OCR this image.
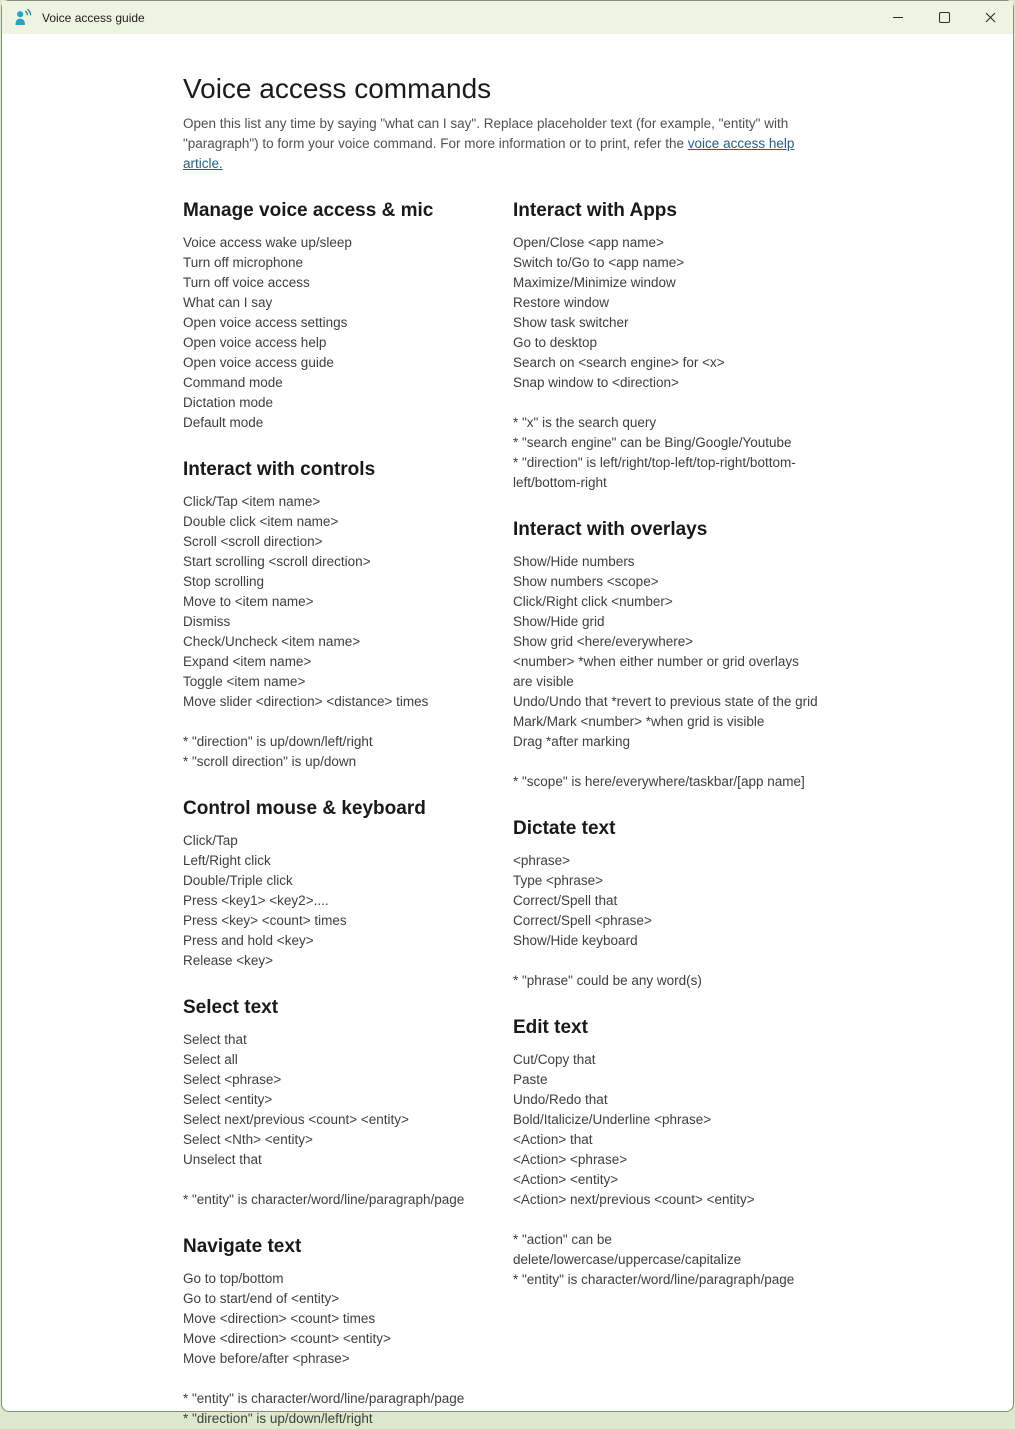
Voice access guide
Voice access commands

Open this list any time by saying "what can I say". Replace placeholder text (for example, "entity" with "paragraph") to form your voice command. For more information or to print, refer the voice access help article.

Manage voice access & mic
Voice access wake up/sleep
Turn off microphone
Turn off voice access
What can I say
Open voice access settings
Open voice access help
Open voice access guide
Command mode
Dictation mode
Default mode
Interact with controls
Click/Tap <item name>
Double click <item name>
Scroll <scroll direction>
Start scrolling <scroll direction>
Stop scrolling
Move to <item name>
Dismiss
Check/Uncheck <item name>
Expand <item name>
Toggle <item name>
Move slider <direction> <distance> times
* "direction" is up/down/left/right
* "scroll direction" is up/down
Control mouse & keyboard
Click/Tap
Left/Right click
Double/Triple click
Press <key1> <key2>....
Press <key> <count> times
Press and hold <key>
Release <key>
Select text
Select that
Select all
Select <phrase>
Select <entity>
Select next/previous <count> <entity>
Select <Nth> <entity>
Unselect that
* "entity" is character/word/line/paragraph/page
Navigate text
Go to top/bottom
Go to start/end of <entity>
Move <direction> <count> times
Move <direction> <count> <entity>
Move before/after <phrase>
* "entity" is character/word/line/paragraph/page
* "direction" is up/down/left/right
Interact with Apps
Open/Close <app name>
Switch to/Go to <app name>
Maximize/Minimize window
Restore window
Show task switcher
Go to desktop
Search on <search engine> for <x>
Snap window to <direction>
* "x" is the search query
* "search engine" can be Bing/Google/Youtube
* "direction" is left/right/top-left/top-right/bottom-left/bottom-right
Interact with overlays
Show/Hide numbers
Show numbers <scope>
Click/Right click <number>
Show/Hide grid
Show grid <here/everywhere>
<number> *when either number or grid overlays are visible
Undo/Undo that *revert to previous state of the grid
Mark/Mark <number> *when grid is visible
Drag *after marking
* "scope" is here/everywhere/taskbar/[app name]
Dictate text
<phrase>
Type <phrase>
Correct/Spell that
Correct/Spell <phrase>
Show/Hide keyboard
* "phrase" could be any word(s)
Edit text
Cut/Copy that
Paste
Undo/Redo that
Bold/Italicize/Underline <phrase>
<Action> that
<Action> <phrase>
<Action> <entity>
<Action> next/previous <count> <entity>
* "action" can be delete/lowercase/uppercase/capitalize
* "entity" is character/word/line/paragraph/page
